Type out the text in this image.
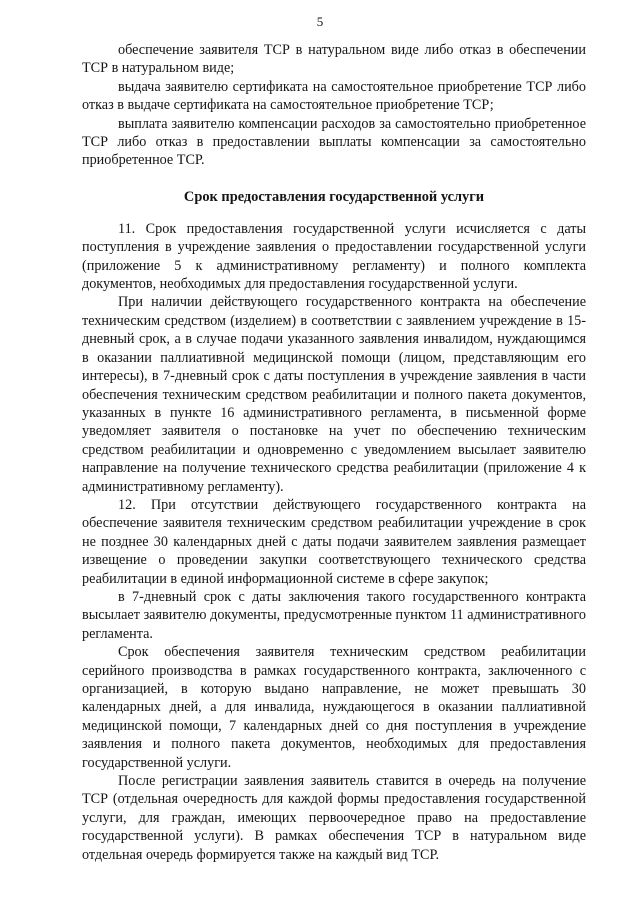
5

обеспечение заявителя ТСР в натуральном виде либо отказ в обеспечении ТСР в натуральном виде;

выдача заявителю сертификата на самостоятельное приобретение ТСР либо отказ в выдаче сертификата на самостоятельное приобретение ТСР;

выплата заявителю компенсации расходов за самостоятельно приобретенное ТСР либо отказ в предоставлении выплаты компенсации за самостоятельно приобретенное ТСР.

Срок предоставления государственной услуги

11. Срок предоставления государственной услуги исчисляется с даты поступления в учреждение заявления о предоставлении государственной услуги (приложение 5 к административному регламенту) и полного комплекта документов, необходимых для предоставления государственной услуги.

При наличии действующего государственного контракта на обеспечение техническим средством (изделием) в соответствии с заявлением учреждение в 15-дневный срок, а в случае подачи указанного заявления инвалидом, нуждающимся в оказании паллиативной медицинской помощи (лицом, представляющим его интересы), в 7-дневный срок с даты поступления в учреждение заявления в части обеспечения техническим средством реабилитации и полного пакета документов, указанных в пункте 16 административного регламента, в письменной форме уведомляет заявителя о постановке на учет по обеспечению техническим средством реабилитации и одновременно с уведомлением высылает заявителю направление на получение технического средства реабилитации (приложение 4 к административному регламенту).

12. При отсутствии действующего государственного контракта на обеспечение заявителя техническим средством реабилитации учреждение в срок не позднее 30 календарных дней с даты подачи заявителем заявления размещает извещение о проведении закупки соответствующего технического средства реабилитации в единой информационной системе в сфере закупок;

в 7-дневный срок с даты заключения такого государственного контракта высылает заявителю документы, предусмотренные пунктом 11 административного регламента.

Срок обеспечения заявителя техническим средством реабилитации серийного производства в рамках государственного контракта, заключенного с организацией, в которую выдано направление, не может превышать 30 календарных дней, а для инвалида, нуждающегося в оказании паллиативной медицинской помощи, 7 календарных дней со дня поступления в учреждение заявления и полного пакета документов, необходимых для предоставления государственной услуги.

После регистрации заявления заявитель ставится в очередь на получение ТСР (отдельная очередность для каждой формы предоставления государственной услуги, для граждан, имеющих первоочередное право на предоставление государственной услуги). В рамках обеспечения ТСР в натуральном виде отдельная очередь формируется также на каждый вид ТСР.
